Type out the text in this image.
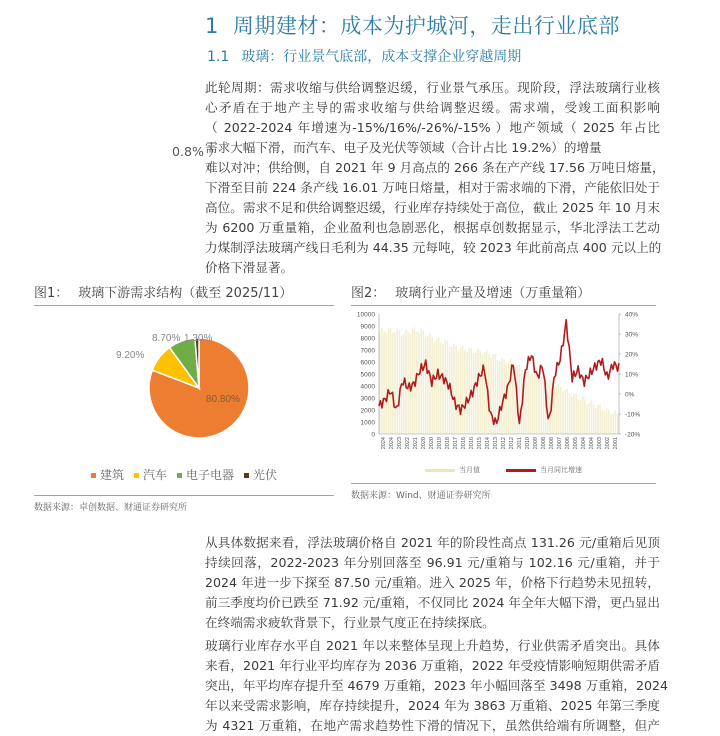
1 周期建材：成本为护城河，走出行业底部
1.1 玻璃：行业景气底部，成本支撑企业穿越周期
此轮周期：需求收缩与供给调整迟缓，行业景气承压。现阶段，浮法玻璃行业核
心矛盾在于地产主导的需求收缩与供给调整迟缓。需求端，受竣工面积影响
（ 2022-2024 年增速为-15%/16%/-26%/-15% ）地产领域（ 2025 年占比
需求大幅下滑，而汽车、电子及光伏等领域（合计占比 19.2%）的增量
难以对冲；供给侧，自 2021 年 9 月高点的 266 条在产产线 17.56 万吨日熔量，
下滑至目前 224 条产线 16.01 万吨日熔量，相对于需求端的下滑，产能依旧处于
高位。需求不足和供给调整迟缓，行业库存持续处于高位，截止 2025 年 10 月末
为 6200 万重量箱，企业盈利也急剧恶化，根据卓创数据显示，华北浮法工艺动
力煤制浮法玻璃产线日毛利为 44.35 元每吨，较 2023 年此前高点 400 元以上的
价格下滑显著。
0.8% ）
图1： 玻璃下游需求结构（截至 2025/11）
80.80%
9.20%
8.70% 1.30%
建筑	汽车	电子电器	光伏
数据来源：卓创数据、财通证券研究所
图2： 玻璃行业产量及增速（万重量箱）
0
1000
2000
3000
4000
5000
6000
7000
8000
9000
10000
-20%
-10%
0%
10%
20%
30%
40%
2024 2024 2023 2022 2021 2020 2020 2019 2018 2017 2016 2016 2015 2014 2013 2012 2012 2011 2010 2009 2008 2008 2007 2006 2005 2004 2004 2003 2002 2001
当月值	当月同比增速
数据来源：Wind、财通证券研究所
从具体数据来看，浮法玻璃价格自 2021 年的阶段性高点 131.26 元/重箱后见顶
持续回落，2022-2023 年分别回落至 96.91 元/重箱与 102.16 元/重箱，并于
2024 年进一步下探至 87.50 元/重箱。进入 2025 年，价格下行趋势未见扭转，
前三季度均价已跌至 71.92 元/重箱，不仅同比 2024 年全年大幅下滑，更凸显出
在终端需求疲软背景下，行业景气度正在持续探底。
玻璃行业库存水平自 2021 年以来整体呈现上升趋势，行业供需矛盾突出。具体
来看，2021 年行业平均库存为 2036 万重箱，2022 年受疫情影响短期供需矛盾
突出，年平均库存提升至 4679 万重箱，2023 年小幅回落至 3498 万重箱，2024
年以来受需求影响，库存持续提升，2024 年为 3863 万重箱、2025 年第三季度
为 4321 万重箱，在地产需求趋势性下滑的情况下，虽然供给端有所调整，但产
